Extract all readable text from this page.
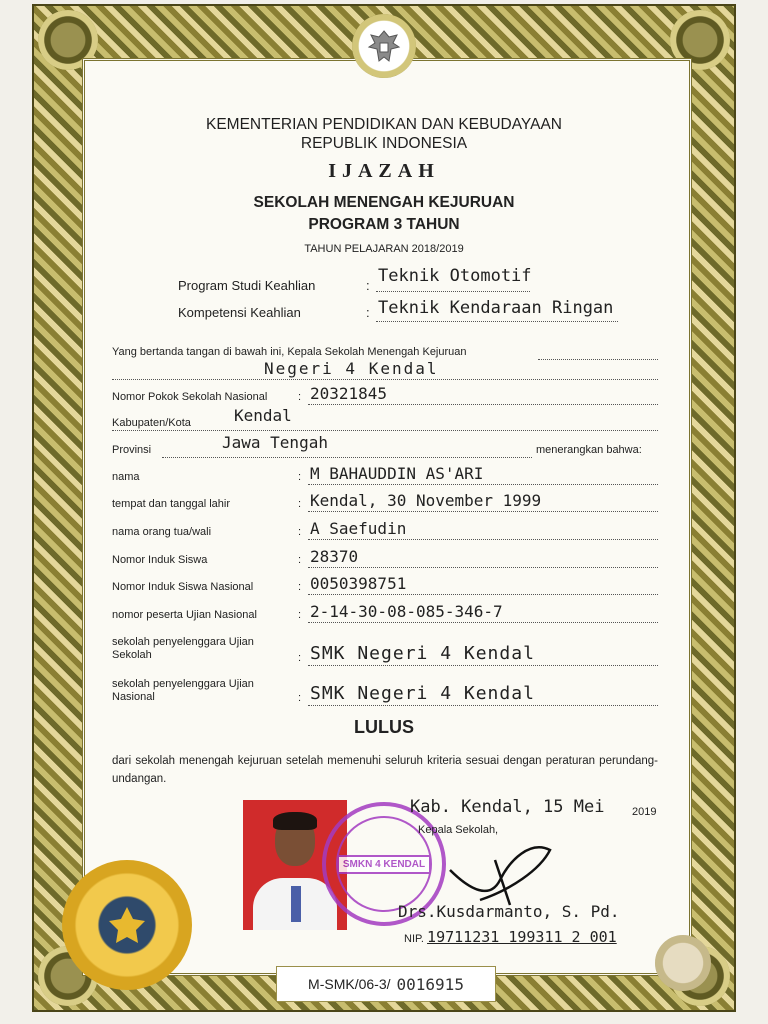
KEMENTERIAN PENDIDIKAN DAN KEBUDAYAAN
REPUBLIK INDONESIA
IJAZAH
SEKOLAH MENENGAH KEJURUAN
PROGRAM 3 TAHUN
TAHUN PELAJARAN 2018/2019
Program Studi Keahlian	: Teknik Otomotif
Kompetensi Keahlian	: Teknik Kendaraan Ringan
Yang bertanda tangan di bawah ini, Kepala Sekolah Menengah Kejuruan
Negeri 4 Kendal
Nomor Pokok Sekolah Nasional	: 20321845
Kabupaten/Kota	Kendal
Provinsi	Jawa Tengah	menerangkan bahwa:
nama	: M BAHAUDDIN AS'ARI
tempat dan tanggal lahir	: Kendal, 30 November 1999
nama orang tua/wali	: A Saefudin
Nomor Induk Siswa	: 28370
Nomor Induk Siswa Nasional	: 0050398751
nomor peserta Ujian Nasional	: 2-14-30-08-085-346-7
sekolah penyelenggara Ujian
Sekolah	: SMK Negeri 4 Kendal
sekolah penyelenggara Ujian
Nasional	: SMK Negeri 4 Kendal
LULUS
dari sekolah menengah kejuruan setelah memenuhi seluruh kriteria sesuai dengan peraturan perundang-undangan.
SMKN 4 KENDAL
Kab. Kendal, 15 Mei	2019
Kepala Sekolah,
Drs.Kusdarmanto, S. Pd.
NIP. 19711231 199311 2 001
M-SMK/06-3/ 0016915
